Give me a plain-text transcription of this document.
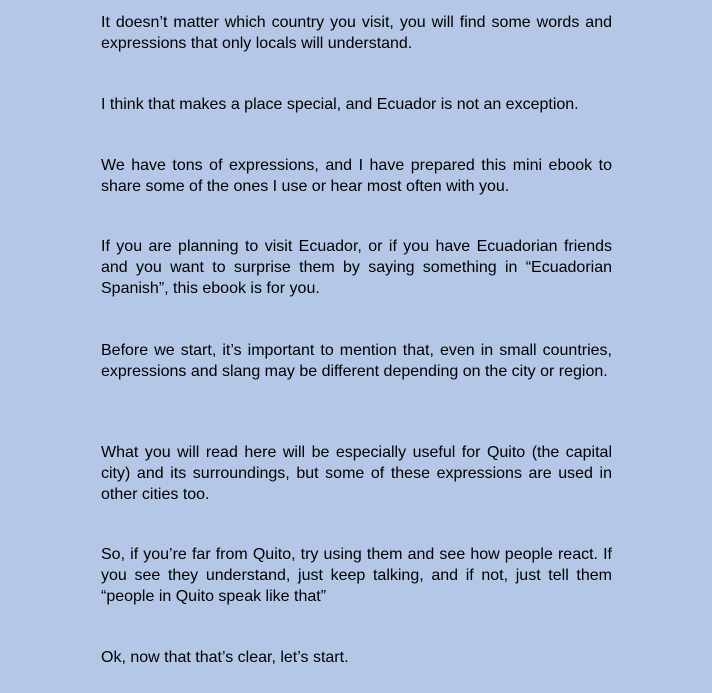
It doesn’t matter which country you visit, you will find some words and expressions that only locals will understand.

I think that makes a place special, and Ecuador is not an exception.

We have tons of expressions, and I have prepared this mini ebook to share some of the ones I use or hear most often with you.

If you are planning to visit Ecuador, or if you have Ecuadorian friends and you want to surprise them by saying something in “Ecuadorian Spanish”, this ebook is for you.

Before we start, it’s important to mention that, even in small countries, expressions and slang may be different depending on the city or region.

What you will read here will be especially useful for Quito (the capital city) and its surroundings, but some of these expressions are used in other cities too.

So, if you’re far from Quito, try using them and see how people react. If you see they understand, just keep talking, and if not, just tell them “people in Quito speak like that”

Ok, now that that’s clear, let’s start.
